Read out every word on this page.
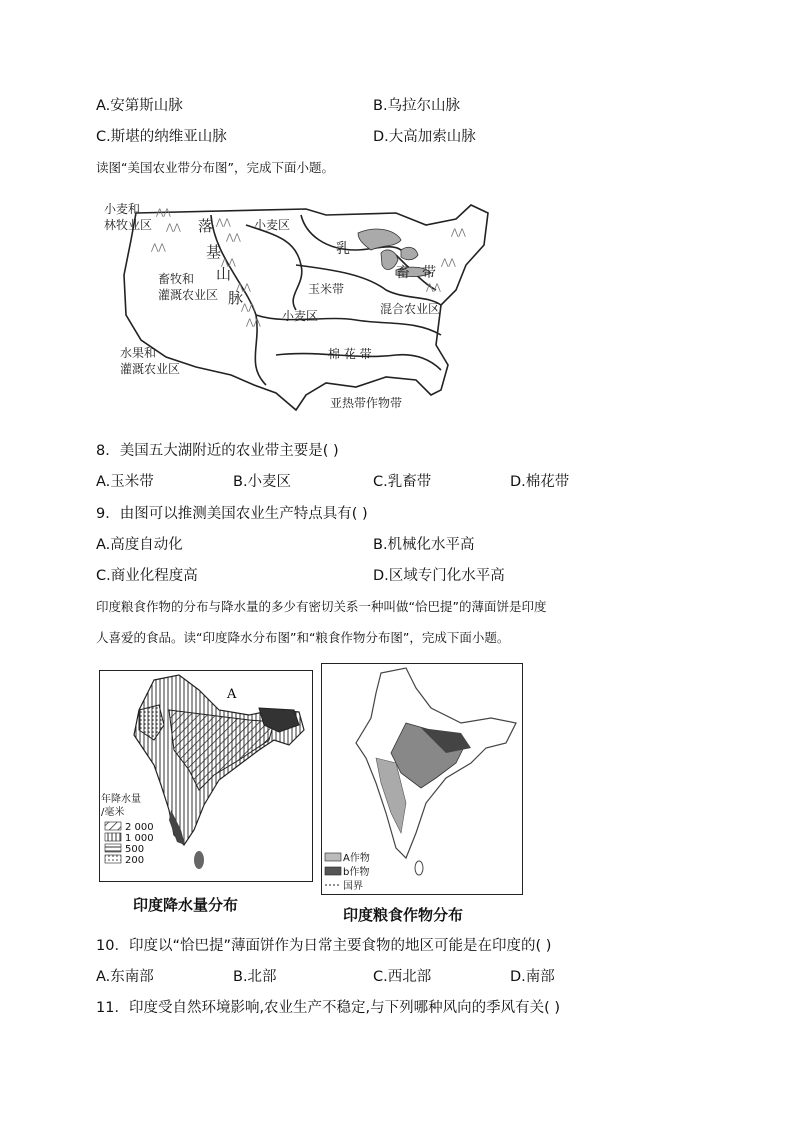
A.安第斯山脉	B.乌拉尔山脉
C.斯堪的纳维亚山脉	D.大高加索山脉
读图“美国农业带分布图”，完成下面小题。
⋀⋀
⋀⋀
⋀⋀
⋀⋀
⋀⋀
⋀⋀
⋀⋀
⋀⋀
⋀⋀
⋀⋀
⋀⋀
⋀⋀
小麦和
林牧业区	落
基
山
脉
小麦区
乳
畜 带
畜牧和
灌溉农业区	玉米带
混合农业区
小麦区
水果和
灌溉农业区
棉 花 带
亚热带作物带
8．美国五大湖附近的农业带主要是( )
A.玉米带	B.小麦区	C.乳畜带	D.棉花带
9．由图可以推测美国农业生产特点具有( )
A.高度自动化	B.机械化水平高
C.商业化程度高	D.区域专门化水平高
印度粮食作物的分布与降水量的多少有密切关系一种叫做“恰巴提”的薄面饼是印度
人喜爱的食品。读“印度降水分布图”和“粮食作物分布图”，完成下面小题。
A
年降水量
/毫米
2 000
1 000
500
200
印度降水量分布
A作物
b作物
国界
印度粮食作物分布
10．印度以“恰巴提”薄面饼作为日常主要食物的地区可能是在印度的( )
A.东南部	B.北部	C.西北部	D.南部
11．印度受自然环境影响,农业生产不稳定,与下列哪种风向的季风有关( )
